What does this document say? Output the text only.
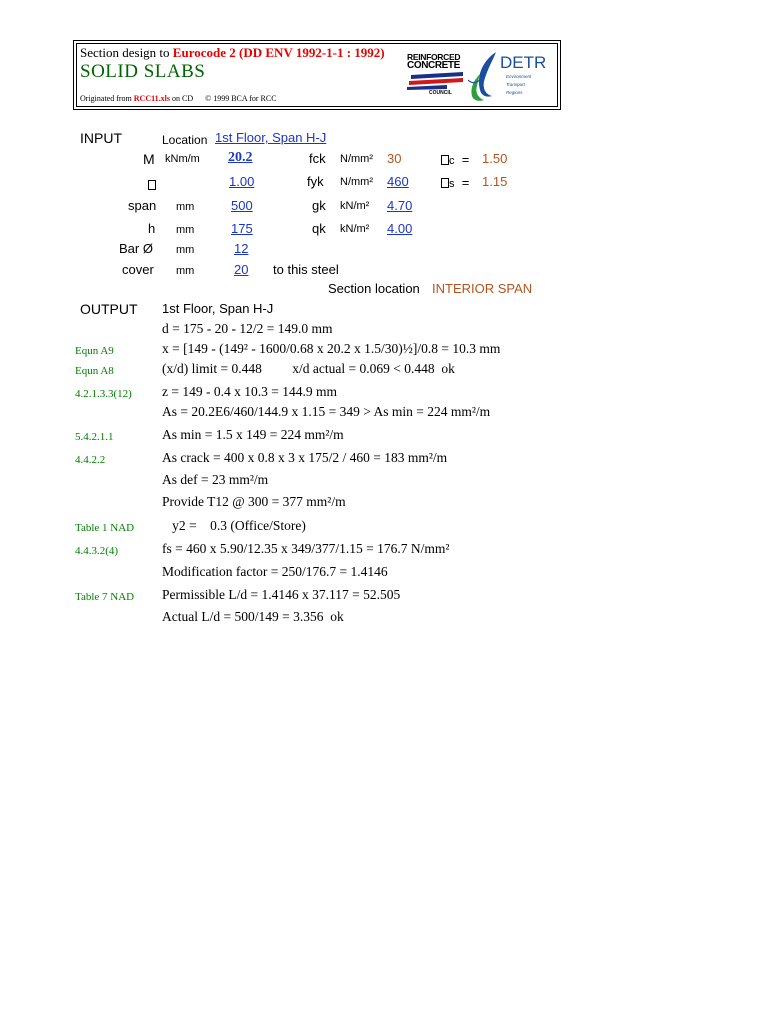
Section design to Eurocode 2 (DD ENV 1992-1-1 : 1992)
SOLID SLABS
Originated from RCC11.xls on CD © 1999 BCA for RCC
REINFORCED
CONCRETE
COUNCIL
DETR
Environment
Transport
Regions
INPUT	Location 1st Floor, Span H-J
M kNm/m 20.2	fck N/mm² 30	c = 1.50
1.00	fyk N/mm² 460	s = 1.15
span mm	500	gk kN/m² 4.70
h mm	175	qk kN/m² 4.00
Bar Ø mm	12
cover mm	20 to this steel
Section location INTERIOR SPAN
OUTPUT 1st Floor, Span H-J
d = 175 - 20 - 12/2 = 149.0 mm
Equn A9	x = [149 - (149² - 1600/0.68 x 20.2 x 1.5/30)½]/0.8 = 10.3 mm
Equn A8	(x/d) limit = 0.448         x/d actual = 0.069 < 0.448  ok
4.2.1.3.3(12) z = 149 - 0.4 x 10.3 = 144.9 mm
As = 20.2E6/460/144.9 x 1.15 = 349 > As min = 224 mm²/m
5.4.2.1.1	As min = 1.5 x 149 = 224 mm²/m
4.4.2.2	As crack = 400 x 0.8 x 3 x 175/2 / 460 = 183 mm²/m
As def = 23 mm²/m
Provide T12 @ 300 = 377 mm²/m
Table 1 NAD y2 =    0.3 (Office/Store)
4.4.3.2(4)	fs = 460 x 5.90/12.35 x 349/377/1.15 = 176.7 N/mm²
Modification factor = 250/176.7 = 1.4146
Table 7 NAD Permissible L/d = 1.4146 x 37.117 = 52.505
Actual L/d = 500/149 = 3.356  ok
